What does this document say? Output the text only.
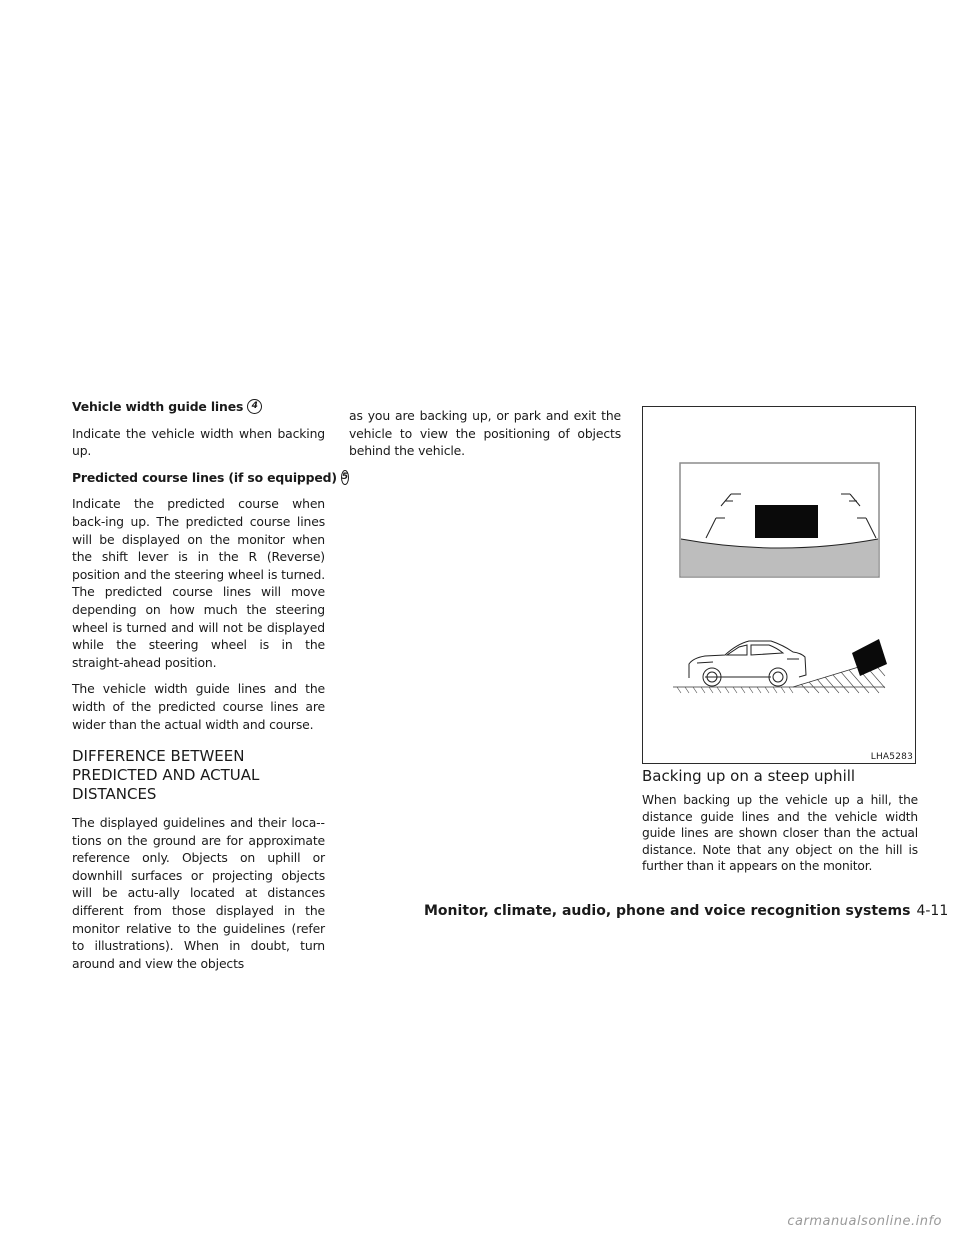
Vehicle width guide lines 4

Indicate the vehicle width when backing up.

Predicted course lines (if so equipped) 5

Indicate the predicted course when back-ing up. The predicted course lines will be displayed on the monitor when the shift lever is in the R (Reverse) position and the steering wheel is turned. The predicted course lines will move depending on how much the steering wheel is turned and will not be displayed while the steering wheel is in the straight-ahead position.

The vehicle width guide lines and the width of the predicted course lines are wider than the actual width and course.

DIFFERENCE BETWEEN PREDICTED AND ACTUAL DISTANCES

The displayed guidelines and their loca-tions on the ground are for approximate reference only. Objects on uphill or downhill surfaces or projecting objects will be actu-ally located at distances different from those displayed in the monitor relative to the guidelines (refer to illustrations). When in doubt, turn around and view the objects

as you are backing up, or park and exit the vehicle to view the positioning of objects behind the vehicle.

LHA5283
Backing up on a steep uphill

When backing up the vehicle up a hill, the distance guide lines and the vehicle width guide lines are shown closer than the actual distance. Note that any object on the hill is further than it appears on the monitor.

Monitor, climate, audio, phone and voice recognition systems 4-11
carmanualsonline.info
